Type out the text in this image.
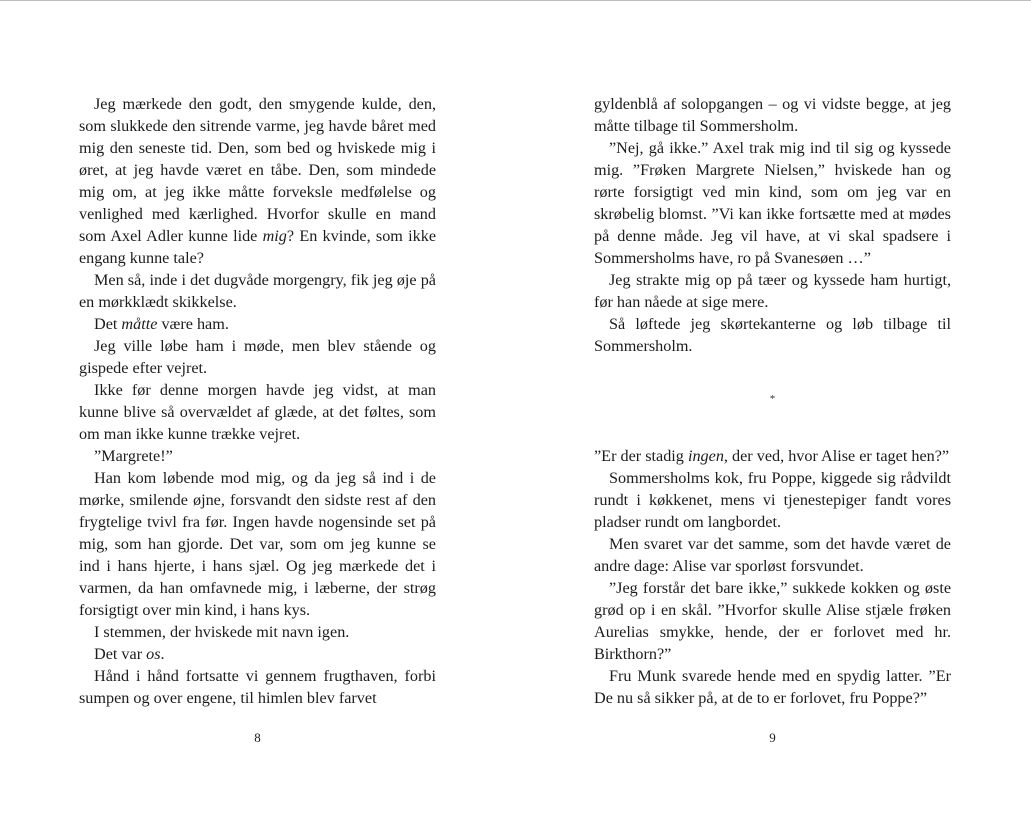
Jeg mærkede den godt, den smygende kulde, den, som slukkede den sitrende varme, jeg havde båret med mig den seneste tid. Den, som bed og hviskede mig i øret, at jeg havde været en tåbe. Den, som mindede mig om, at jeg ikke måtte forveksle medfølelse og venlighed med kærlighed. Hvorfor skulle en mand som Axel Adler kunne lide mig? En kvinde, som ikke engang kunne tale?

Men så, inde i det dugvåde morgengry, fik jeg øje på en mørkklædt skikkelse.

Det måtte være ham.

Jeg ville løbe ham i møde, men blev stående og gispede efter vejret.

Ikke før denne morgen havde jeg vidst, at man kunne blive så overvældet af glæde, at det føltes, som om man ikke kunne trække vejret.

”Margrete!”

Han kom løbende mod mig, og da jeg så ind i de mørke, smilende øjne, forsvandt den sidste rest af den frygtelige tvivl fra før. Ingen havde nogensinde set på mig, som han gjorde. Det var, som om jeg kunne se ind i hans hjerte, i hans sjæl. Og jeg mærkede det i varmen, da han omfavnede mig, i læberne, der strøg forsigtigt over min kind, i hans kys.

I stemmen, der hviskede mit navn igen.

Det var os.

Hånd i hånd fortsatte vi gennem frugthaven, forbi sumpen og over engene, til himlen blev farvet

gyldenblå af solopgangen – og vi vidste begge, at jeg måtte tilbage til Sommersholm.

”Nej, gå ikke.” Axel trak mig ind til sig og kyssede mig. ”Frøken Margrete Nielsen,” hviskede han og rørte forsigtigt ved min kind, som om jeg var en skrøbelig blomst. ”Vi kan ikke fortsætte med at mødes på denne måde. Jeg vil have, at vi skal spadsere i Sommersholms have, ro på Svanesøen …”

Jeg strakte mig op på tæer og kyssede ham hurtigt, før han nåede at sige mere.

Så løftede jeg skørtekanterne og løb tilbage til Sommersholm.

*

”Er der stadig ingen, der ved, hvor Alise er taget hen?”

Sommersholms kok, fru Poppe, kiggede sig rådvildt rundt i køkkenet, mens vi tjenestepiger fandt vores pladser rundt om langbordet.

Men svaret var det samme, som det havde været de andre dage: Alise var sporløst forsvundet.

”Jeg forstår det bare ikke,” sukkede kokken og øste grød op i en skål. ”Hvorfor skulle Alise stjæle frøken Aurelias smykke, hende, der er forlovet med hr. Birkthorn?”

Fru Munk svarede hende med en spydig latter. ”Er De nu så sikker på, at de to er forlovet, fru Poppe?”

8	9
